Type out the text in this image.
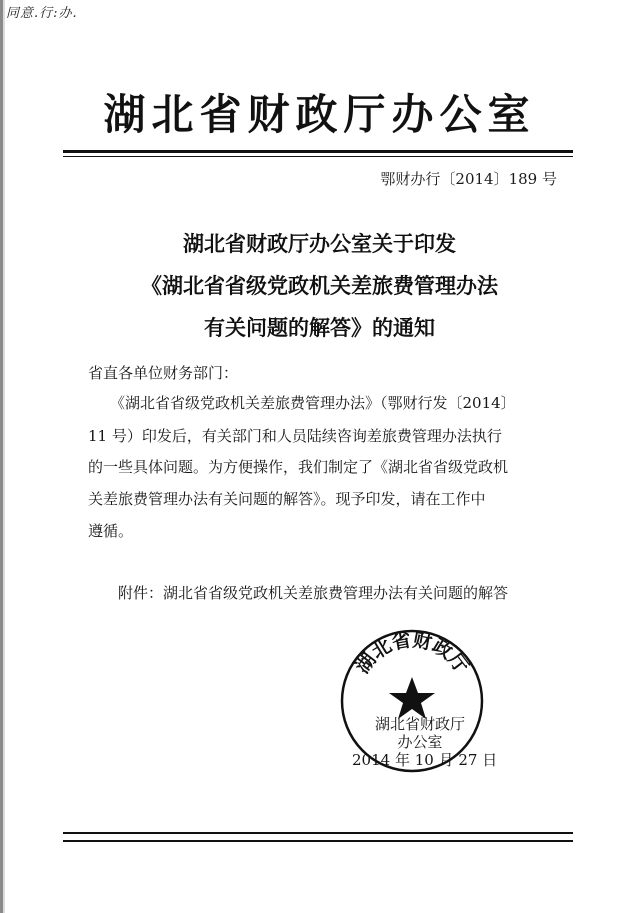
同意.行:办.
湖北省财政厅办公室
鄂财办行〔2014〕189 号
湖北省财政厅办公室关于印发
《湖北省省级党政机关差旅费管理办法
有关问题的解答》的通知
省直各单位财务部门：
《湖北省省级党政机关差旅费管理办法》（鄂财行发〔2014〕
11 号）印发后，有关部门和人员陆续咨询差旅费管理办法执行
的一些具体问题。为方便操作，我们制定了《湖北省省级党政机
关差旅费管理办法有关问题的解答》。现予印发，请在工作中
遵循。
附件：湖北省省级党政机关差旅费管理办法有关问题的解答
湖北省财政厅
湖北省财政厅
办公室
2014 年 10 月 27 日
